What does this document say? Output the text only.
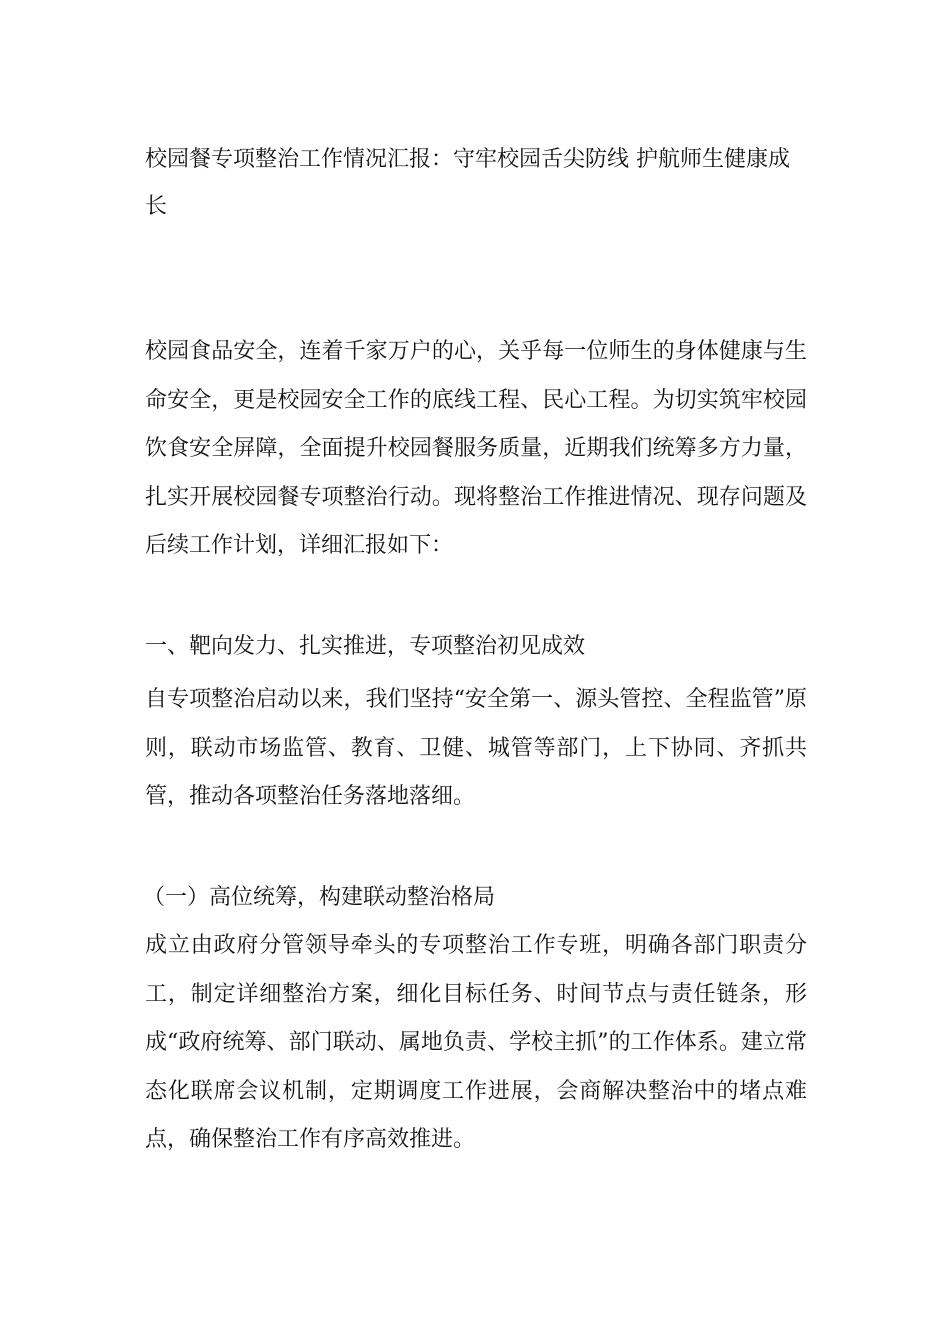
校园餐专项整治工作情况汇报：守牢校园舌尖防线 护航师生健康成长

校园食品安全，连着千家万户的心，关乎每一位师生的身体健康与生命安全，更是校园安全工作的底线工程、民心工程。为切实筑牢校园饮食安全屏障，全面提升校园餐服务质量，近期我们统筹多方力量，扎实开展校园餐专项整治行动。现将整治工作推进情况、现存问题及后续工作计划，详细汇报如下：

一、靶向发力、扎实推进，专项整治初见成效

自专项整治启动以来，我们坚持“安全第一、源头管控、全程监管”原则，联动市场监管、教育、卫健、城管等部门，上下协同、齐抓共管，推动各项整治任务落地落细。

（一）高位统筹，构建联动整治格局

成立由政府分管领导牵头的专项整治工作专班，明确各部门职责分工，制定详细整治方案，细化目标任务、时间节点与责任链条，形成“政府统筹、部门联动、属地负责、学校主抓”的工作体系。建立常态化联席会议机制，定期调度工作进展，会商解决整治中的堵点难点，确保整治工作有序高效推进。
